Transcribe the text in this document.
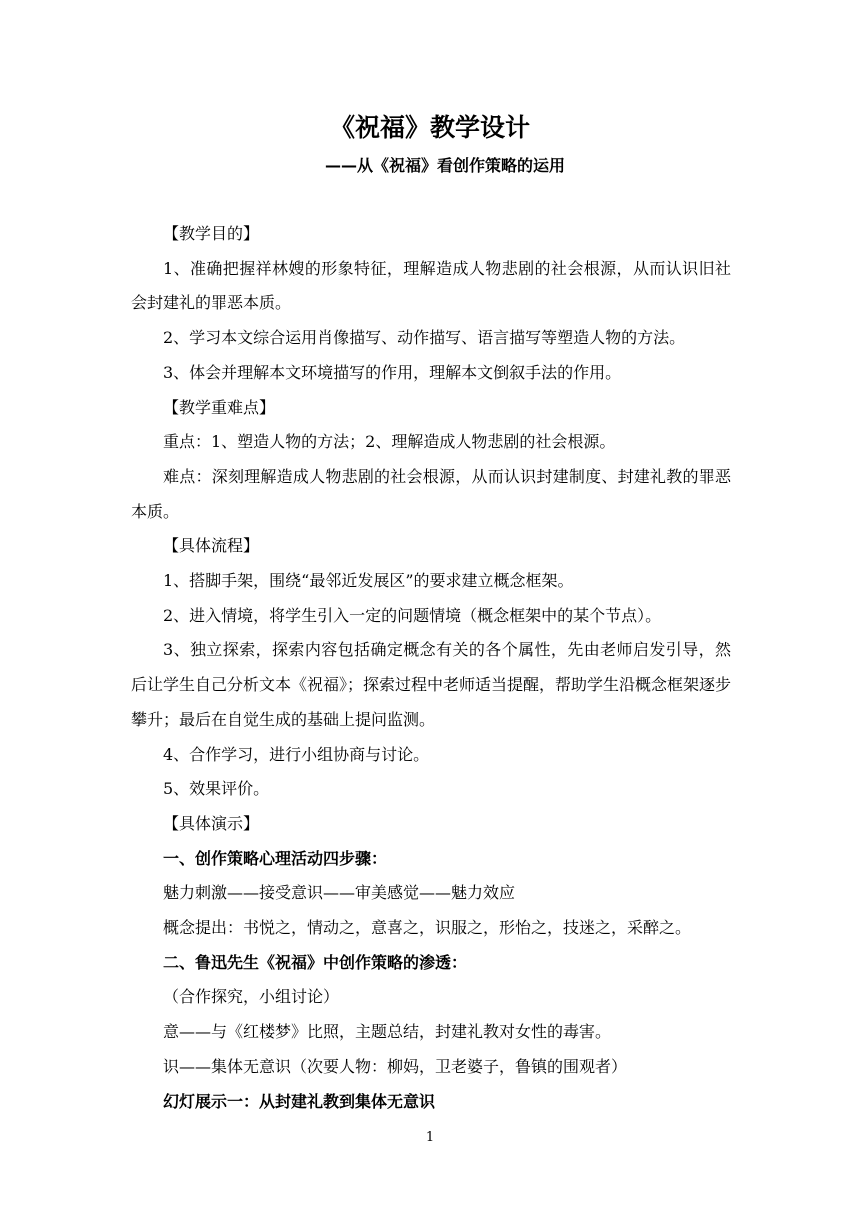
《祝福》教学设计
——从《祝福》看创作策略的运用

【教学目的】

1、准确把握祥林嫂的形象特征，理解造成人物悲剧的社会根源，从而认识旧社会封建礼的罪恶本质。

2、学习本文综合运用肖像描写、动作描写、语言描写等塑造人物的方法。

3、体会并理解本文环境描写的作用，理解本文倒叙手法的作用。

【教学重难点】

重点：1、塑造人物的方法；2、理解造成人物悲剧的社会根源。

难点：深刻理解造成人物悲剧的社会根源，从而认识封建制度、封建礼教的罪恶本质。

【具体流程】

1、搭脚手架，围绕“最邻近发展区”的要求建立概念框架。

2、进入情境，将学生引入一定的问题情境（概念框架中的某个节点）。

3、独立探索，探索内容包括确定概念有关的各个属性，先由老师启发引导，然后让学生自己分析文本《祝福》；探索过程中老师适当提醒，帮助学生沿概念框架逐步攀升；最后在自觉生成的基础上提问监测。

4、合作学习，进行小组协商与讨论。

5、效果评价。

【具体演示】

一、创作策略心理活动四步骤：

魅力刺激——接受意识——审美感觉——魅力效应

概念提出：书悦之，情动之，意喜之，识服之，形怡之，技迷之，采醉之。

二、鲁迅先生《祝福》中创作策略的渗透：

（合作探究，小组讨论）

意——与《红楼梦》比照，主题总结，封建礼教对女性的毒害。

识——集体无意识（次要人物：柳妈，卫老婆子，鲁镇的围观者）

幻灯展示一：从封建礼教到集体无意识

1
